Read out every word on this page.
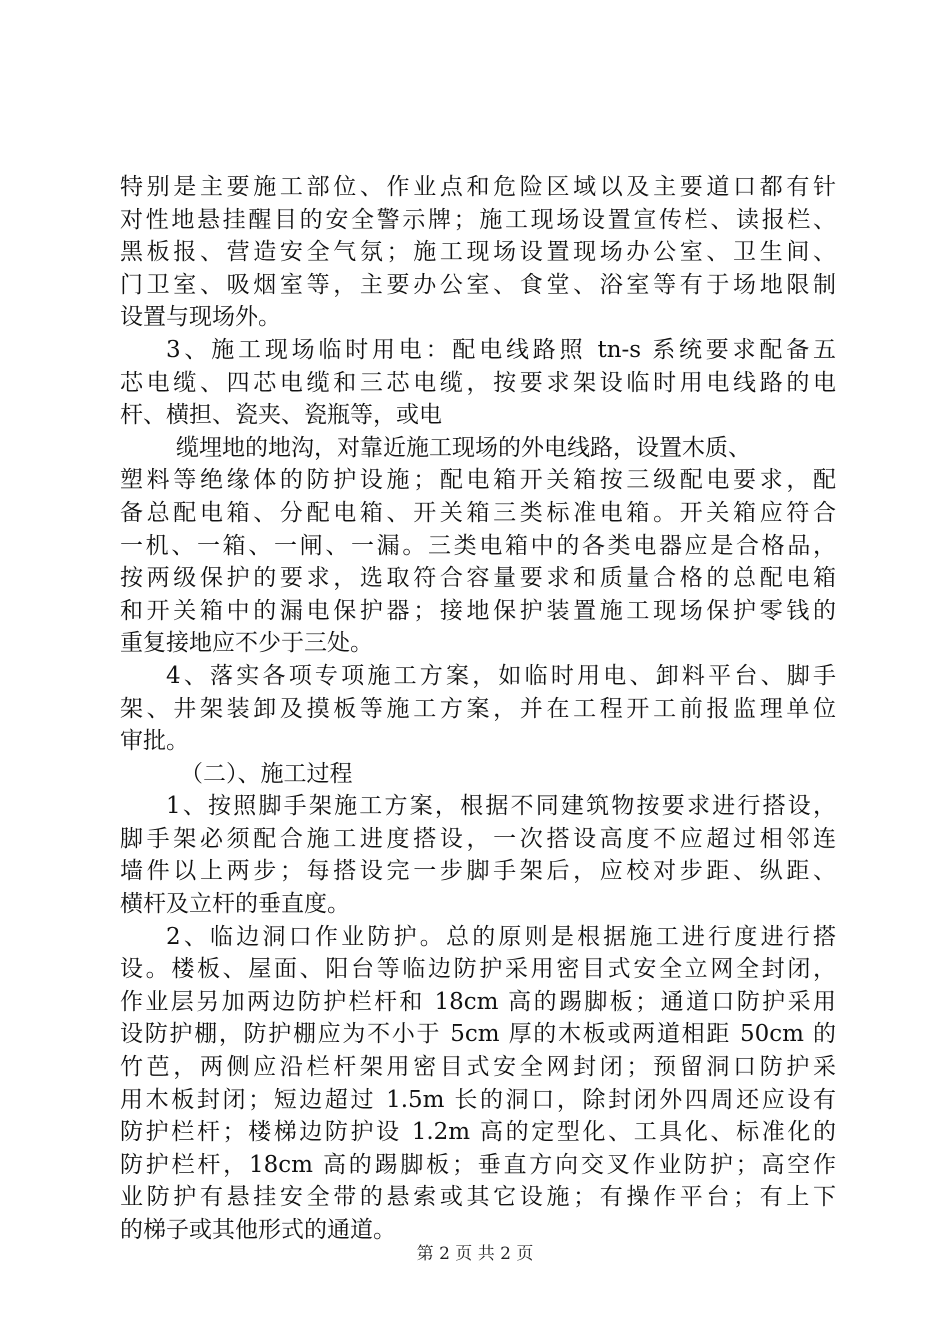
特别是主要施工部位、作业点和危险区域以及主要道口都有针
对性地悬挂醒目的安全警示牌；施工现场设置宣传栏、读报栏、
黑板报、营造安全气氛；施工现场设置现场办公室、卫生间、
门卫室、吸烟室等，主要办公室、食堂、浴室等有于场地限制
设置与现场外。
3、施工现场临时用电：配电线路照 tn-s 系统要求配备五
芯电缆、四芯电缆和三芯电缆，按要求架设临时用电线路的电
杆、横担、瓷夹、瓷瓶等，或电
缆埋地的地沟，对靠近施工现场的外电线路，设置木质、
塑料等绝缘体的防护设施；配电箱开关箱按三级配电要求，配
备总配电箱、分配电箱、开关箱三类标准电箱。开关箱应符合
一机、一箱、一闸、一漏。三类电箱中的各类电器应是合格品，
按两级保护的要求，选取符合容量要求和质量合格的总配电箱
和开关箱中的漏电保护器；接地保护装置施工现场保护零钱的
重复接地应不少于三处。
4、落实各项专项施工方案，如临时用电、卸料平台、脚手
架、井架装卸及摸板等施工方案，并在工程开工前报监理单位
审批。
（二）、施工过程
1、按照脚手架施工方案，根据不同建筑物按要求进行搭设，
脚手架必须配合施工进度搭设，一次搭设高度不应超过相邻连
墙件以上两步；每搭设完一步脚手架后，应校对步距、纵距、
横杆及立杆的垂直度。
2、临边洞口作业防护。总的原则是根据施工进行度进行搭
设。楼板、屋面、阳台等临边防护采用密目式安全立网全封闭，
作业层另加两边防护栏杆和 18cm 高的踢脚板；通道口防护采用
设防护棚，防护棚应为不小于 5cm 厚的木板或两道相距 50cm 的
竹芭，两侧应沿栏杆架用密目式安全网封闭；预留洞口防护采
用木板封闭；短边超过 1.5m 长的洞口，除封闭外四周还应设有
防护栏杆；楼梯边防护设 1.2m 高的定型化、工具化、标准化的
防护栏杆，18cm 高的踢脚板；垂直方向交叉作业防护；高空作
业防护有悬挂安全带的悬索或其它设施；有操作平台；有上下
的梯子或其他形式的通道。
第 2 页 共 2 页
